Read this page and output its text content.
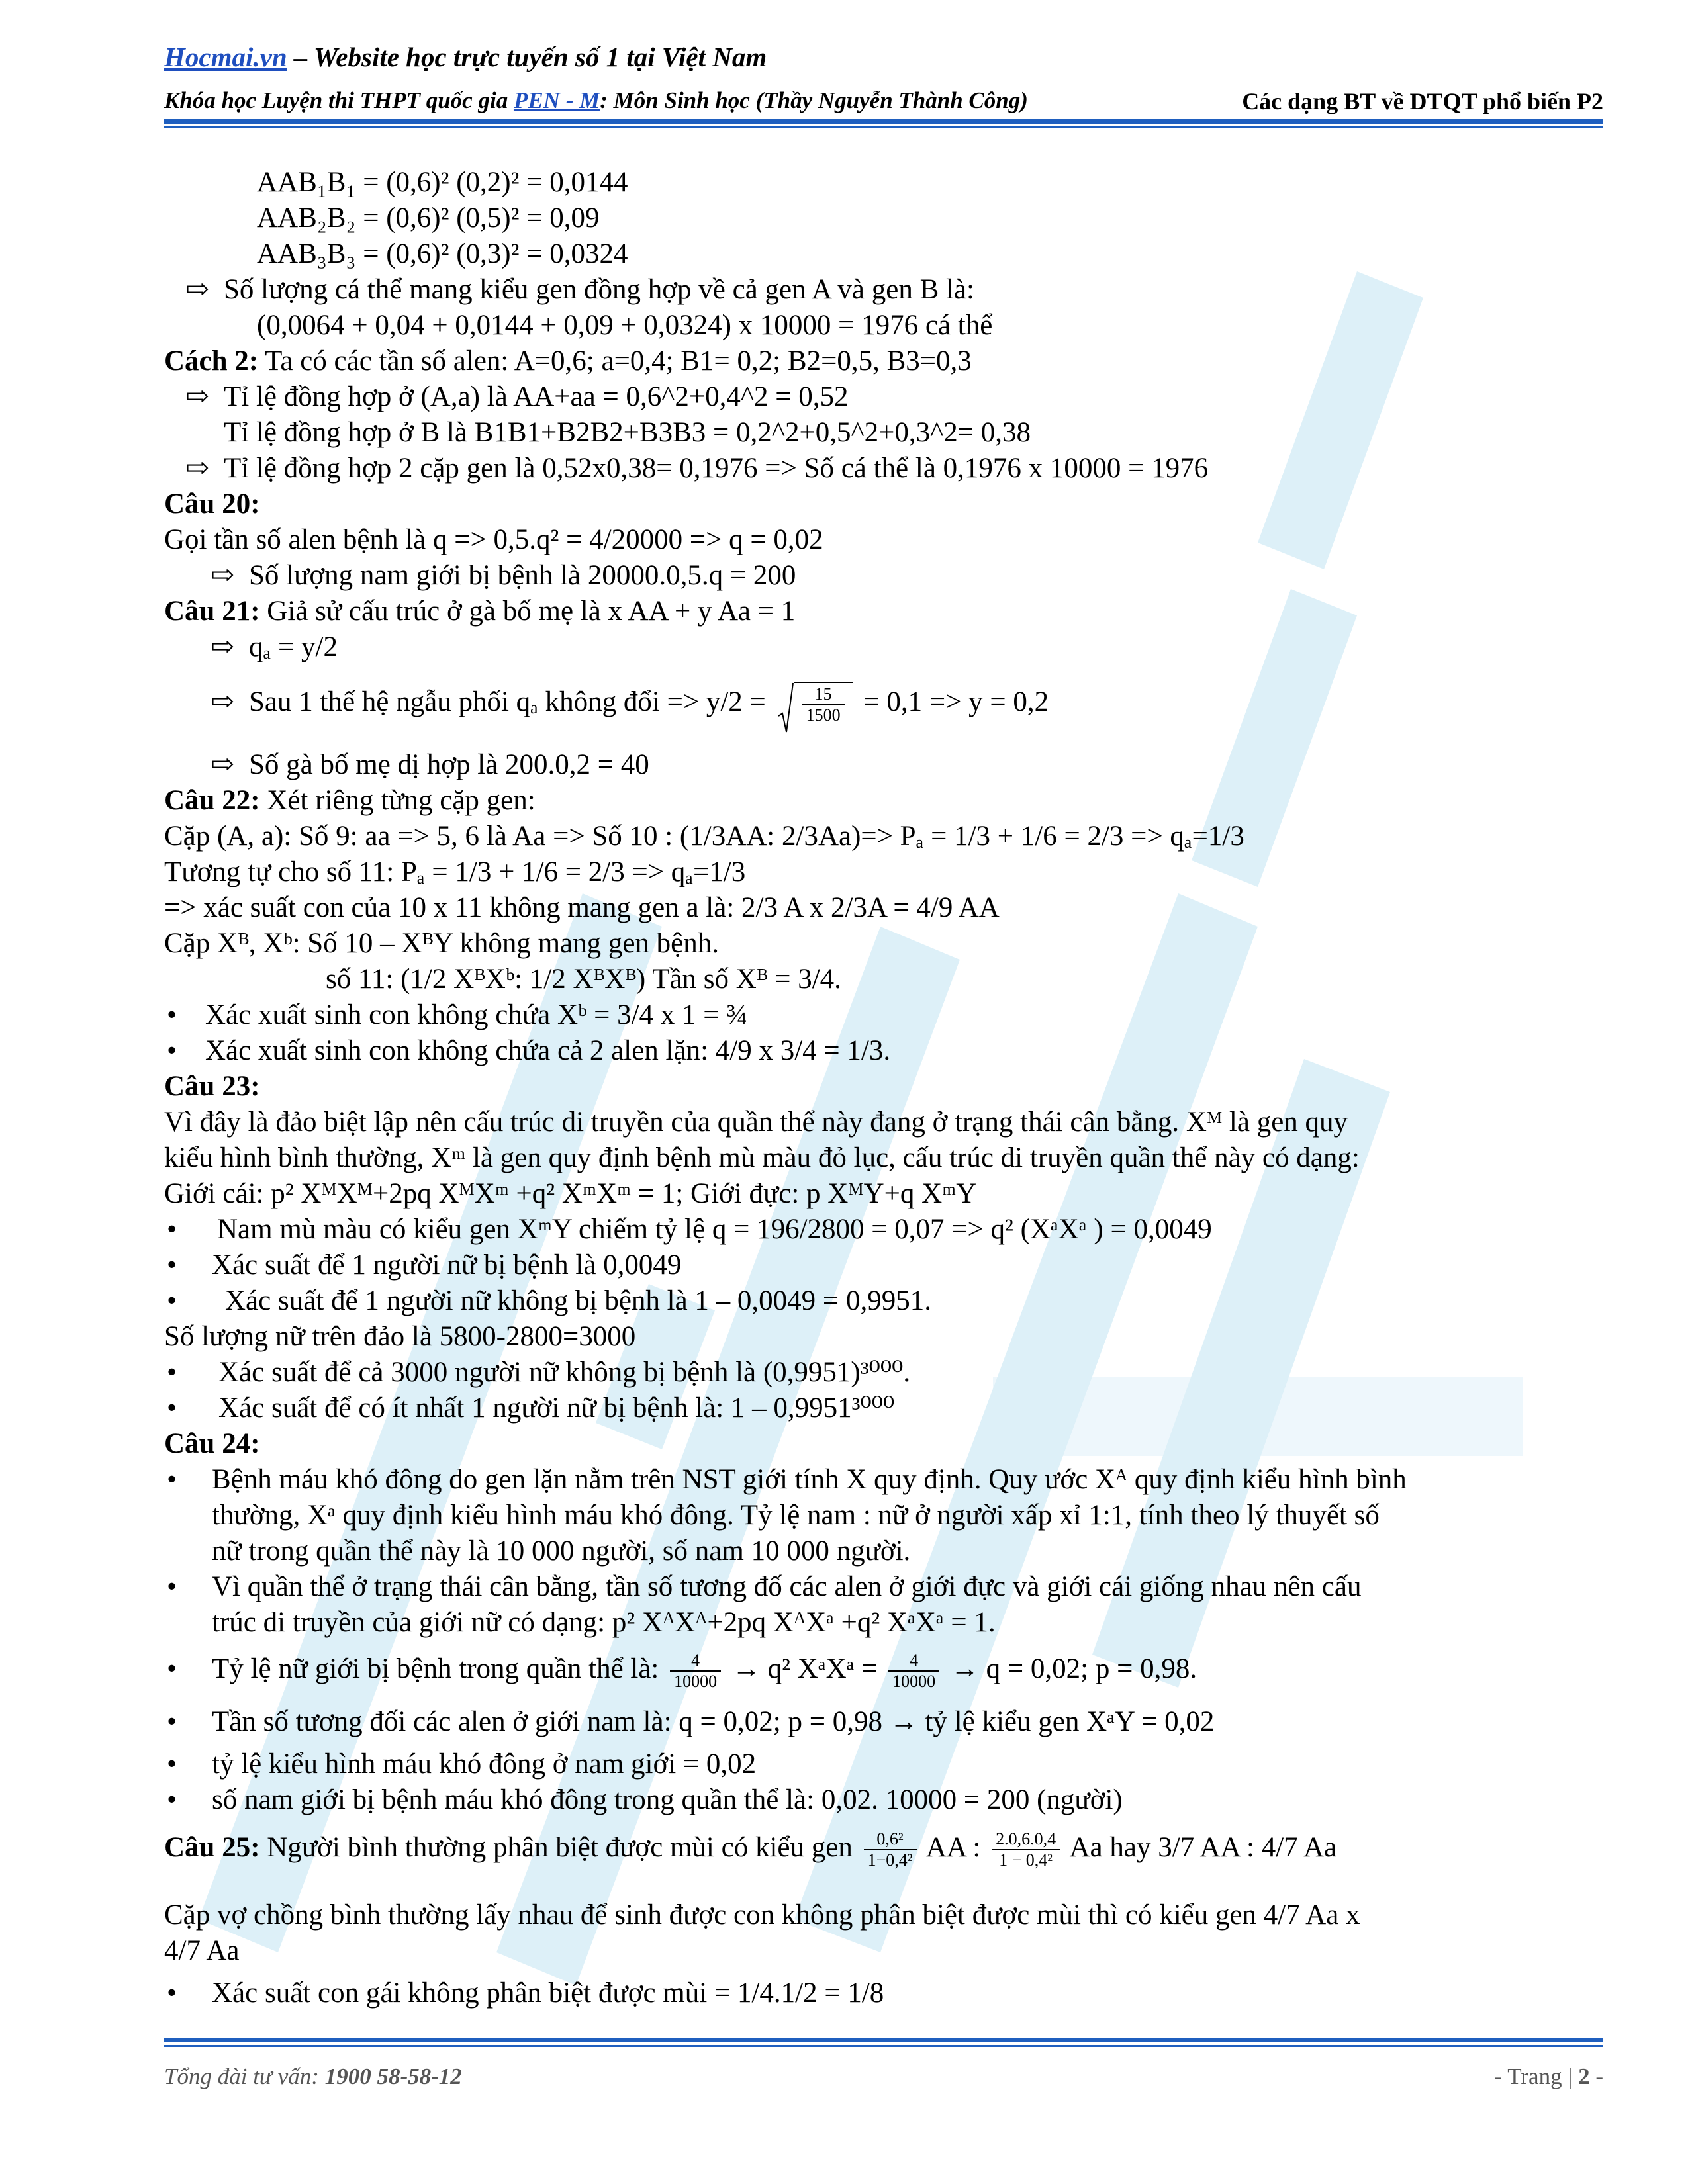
Hocmai.vn – Website học trực tuyến số 1 tại Việt Nam
Khóa học Luyện thi THPT quốc gia PEN - M: Môn Sinh học (Thầy Nguyễn Thành Công)	Các dạng BT về DTQT phổ biến P2
AAB₁B₁ = (0,6)² (0,2)² = 0,0144
AAB₂B₂ = (0,6)² (0,5)² = 0,09
AAB₃B₃ = (0,6)² (0,3)² = 0,0324
⇨ Số lượng cá thể mang kiểu gen đồng hợp về cả gen A và gen B là:
(0,0064 + 0,04 + 0,0144 + 0,09 + 0,0324) x 10000 = 1976 cá thể
Cách 2: Ta có các tần số alen: A=0,6; a=0,4; B1= 0,2; B2=0,5, B3=0,3
⇨ Tỉ lệ đồng hợp ở (A,a) là AA+aa = 0,6^2+0,4^2 = 0,52
Tỉ lệ đồng hợp ở B là B1B1+B2B2+B3B3 = 0,2^2+0,5^2+0,3^2= 0,38
⇨ Tỉ lệ đồng hợp 2 cặp gen là 0,52x0,38= 0,1976 => Số cá thể là 0,1976 x 10000 = 1976
Câu 20:
Gọi tần số alen bệnh là q => 0,5.q² = 4/20000 => q = 0,02
⇨ Số lượng nam giới bị bệnh là 20000.0,5.q = 200
Câu 21: Giả sử cấu trúc ở gà bố mẹ là x AA + y Aa = 1
⇨ qₐ = y/2
⇨ Sau 1 thế hệ ngẫu phối qₐ không đổi => $y/2 = \frac{15}{1500} = 0,1 => y = 0,2$
⇨ Số gà bố mẹ dị hợp là 200.0,2 = 40
Câu 22: Xét riêng từng cặp gen:
Cặp (A, a): Số 9: aa => 5, 6 là Aa => Số 10 : (1/3AA: 2/3Aa)=> Pₐ = 1/3 + 1/6 = 2/3 => qₐ=1/3
Tương tự cho số 11: Pₐ = 1/3 + 1/6 = 2/3 => qₐ=1/3
=> xác suất con của 10 x 11 không mang gen a là: 2/3 A x 2/3A = 4/9 AA
Cặp Xᴮ, Xᵇ: Số 10 – XᴮY không mang gen bệnh.
số 11: (1/2 XᴮXᵇ: 1/2 XᴮXᴮ) Tần số Xᴮ = 3/4.
• Xác xuất sinh con không chứa Xᵇ = 3/4 x 1 = ¾
• Xác xuất sinh con không chứa cả 2 alen lặn: 4/9 x 3/4 = 1/3.
Câu 23:
Vì đây là đảo biệt lập nên cấu trúc di truyền của quần thể này đang ở trạng thái cân bằng. Xᴹ là gen quy
kiểu hình bình thường, Xᵐ là gen quy định bệnh mù màu đỏ lục, cấu trúc di truyền quần thể này có dạng:
Giới cái: p² XᴹXᴹ+2pq XᴹXᵐ +q² XᵐXᵐ = 1; Giới đực: p XᴹY+q XᵐY
• Nam mù màu có kiểu gen XᵐY chiếm tỷ lệ q = 196/2800 = 0,07 => q² (XᵃXᵃ ) = 0,0049
• Xác suất để 1 người nữ bị bệnh là 0,0049
• Xác suất để 1 người nữ không bị bệnh là 1 – 0,0049 = 0,9951.
Số lượng nữ trên đảo là 5800-2800=3000
• Xác suất để cả 3000 người nữ không bị bệnh là (0,9951)³⁰⁰⁰.
• Xác suất để có ít nhất 1 người nữ bị bệnh là: 1 – 0,9951³⁰⁰⁰
Câu 24:
• Bệnh máu khó đông do gen lặn nằm trên NST giới tính X quy định. Quy ước Xᴬ quy định kiểu hình bình
thường, Xᵃ quy định kiểu hình máu khó đông. Tỷ lệ nam : nữ ở người xấp xỉ 1:1, tính theo lý thuyết số
nữ trong quần thể này là 10 000 người, số nam 10 000 người.
• Vì quần thể ở trạng thái cân bằng, tần số tương đố các alen ở giới đực và giới cái giống nhau nên cấu
trúc di truyền của giới nữ có dạng: p² XᴬXᴬ+2pq XᴬXᵃ +q² XᵃXᵃ = 1.
• Tỷ lệ nữ giới bị bệnh trong quần thể là: $\frac{4}{10000} \to q^2$ XᵃXᵃ = $\frac{4}{10000} \to q = 0,02$; p = 0,98.
• Tần số tương đối các alen ở giới nam là: q = 0,02; p = 0,98 → tỷ lệ kiểu gen XᵃY = 0,02
• tỷ lệ kiểu hình máu khó đông ở nam giới = 0,02
• số nam giới bị bệnh máu khó đông trong quần thể là: 0,02. 10000 = 200 (người)
Câu 25: Người bình thường phân biệt được mùi có kiểu gen $\frac{\text{0,6²}}{\text{1−0,4²}}$ AA : $\frac{2.0,6.0,4}{\text{1 − 0,4²}}$ Aa hay 3/7 AA : 4/7 Aa
Cặp vợ chồng bình thường lấy nhau để sinh được con không phân biệt được mùi thì có kiểu gen 4/7 Aa x
4/7 Aa
• Xác suất con gái không phân biệt được mùi = 1/4.1/2 = 1/8
Tổng đài tư vấn: 1900 58-58-12	- Trang | 2 -
